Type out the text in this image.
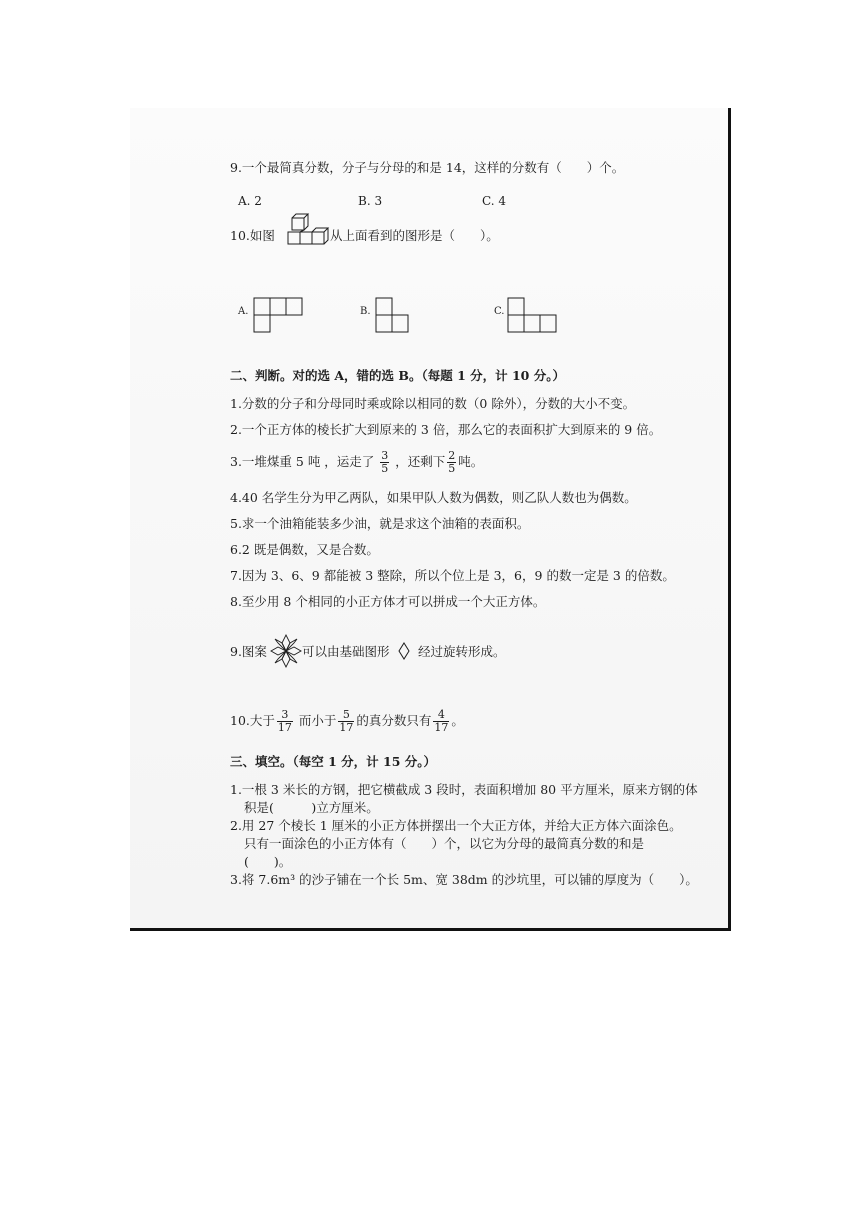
9.一个最简真分数，分子与分母的和是 14，这样的分数有（　　）个。
A. 2	B. 3	C. 4
10.如图	从上面看到的图形是（　　）。
A.	B.	C.
二、判断。对的选 A，错的选 B。（每题 1 分，计 10 分。）
1.分数的分子和分母同时乘或除以相同的数（0 除外），分数的大小不变。
2.一个正方体的棱长扩大到原来的 3 倍，那么它的表面积扩大到原来的 9 倍。
3.一堆煤重 5 吨 ，运走了 $\frac{3}{5}$ ，还剩下 $\frac{2}{5}$ 吨。
4.40 名学生分为甲乙两队，如果甲队人数为偶数，则乙队人数也为偶数。
5.求一个油箱能装多少油，就是求这个油箱的表面积。
6.2 既是偶数，又是合数。
7.因为 3、6、9 都能被 3 整除，所以个位上是 3，6，9 的数一定是 3 的倍数。
8.至少用 8 个相同的小正方体才可以拼成一个大正方体。
9.图案	可以由基础图形 经过旋转形成。
10.大于 $\frac{3}{17}$ 而小于 $\frac{5}{17}$ 的真分数只有 $\frac{4}{17}$ 。
三、填空。（每空 1 分，计 15 分。）
1.一根 3 米长的方钢，把它横截成 3 段时，表面积增加 80 平方厘米，原来方钢的体
积是(　　　)立方厘米。
2.用 27 个棱长 1 厘米的小正方体拼摆出一个大正方体，并给大正方体六面涂色。
只有一面涂色的小正方体有（　　）个，以它为分母的最简真分数的和是
(　　)。
3.将 7.6m³ 的沙子铺在一个长 5m、宽 38dm 的沙坑里，可以铺的厚度为（　　）。
